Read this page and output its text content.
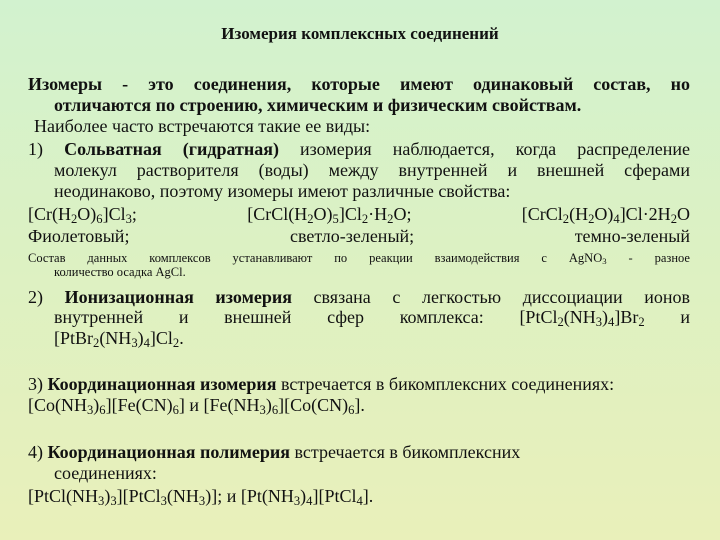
Изомерия комплексных соединений
Изомеры - это соединения, которые имеют одинаковый состав, но
отличаются по строению, химическим и физическим свойствам.
Наиболее часто встречаются такие ее виды:
1) Сольватная (гидратная) изомерия наблюдается, когда распределение
молекул растворителя (воды) между внутренней и внешней сферами
неодинаково, поэтому изомеры имеют различные свойства:
$[Cr(H_2O)_6]Cl_3$;	$[CrCl(H_2O)_5]Cl_2\cdot H_2O$;	$[CrCl_2(H_2O)_4]Cl\cdot 2H_2O$
Фиолетовый;	светло-зеленый;	темно-зеленый
Состав данных комплексов устанавливают по реакции взаимодействия с AgNO$_3$ - разное
количество осадка AgCl.
2) Ионизационная изомерия связана с легкостью диссоциации ионов
внутренней и внешней сфер комплекса: $[PtCl_2(NH_3)_4]Br_2$ и
$[PtBr_2(NH_3)_4]Cl_2$.
3) Координационная изомерия встречается в бикомплексних соединениях:
$[Co(NH_3)_6][Fe(CN)_6]$ и $[Fe(NH_3)_6][Co(CN)_6]$.
4) Координационная полимерия встречается в бикомплексних
соединениях:
$[PtCl(NH_3)_3][PtCl_3(NH_3)]$; и $[Pt(NH_3)_4][PtCl_4]$.
